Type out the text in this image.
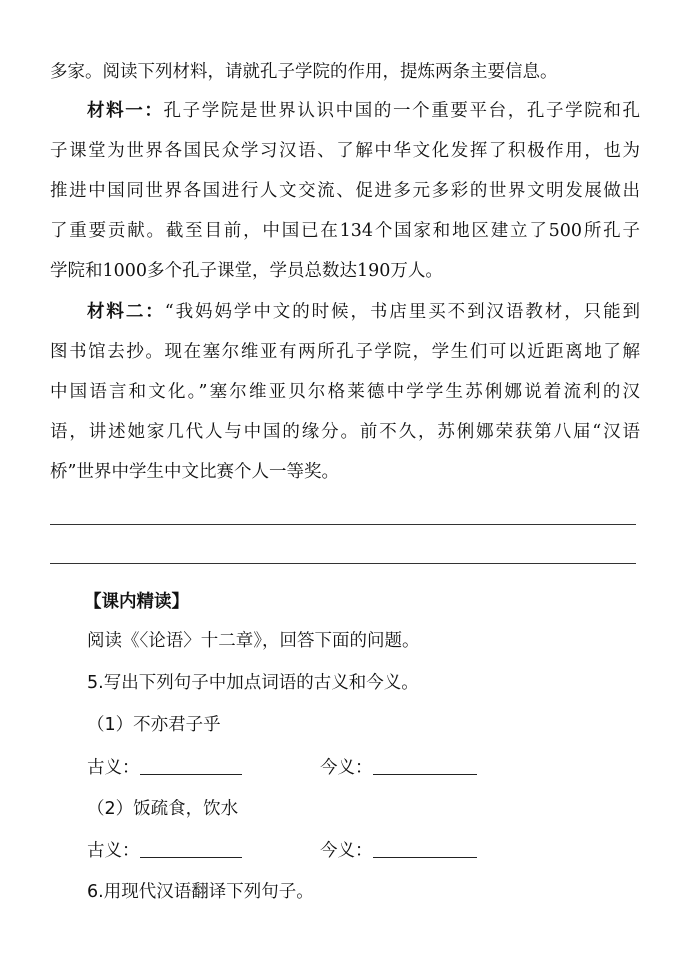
多家。阅读下列材料，请就孔子学院的作用，提炼两条主要信息。
材料一：孔子学院是世界认识中国的一个重要平台，孔子学院和孔
子课堂为世界各国民众学习汉语、了解中华文化发挥了积极作用，也为
推进中国同世界各国进行人文交流、促进多元多彩的世界文明发展做出
了重要贡献。截至目前，中国已在134个国家和地区建立了500所孔子
学院和1000多个孔子课堂，学员总数达190万人。
材料二：“我妈妈学中文的时候，书店里买不到汉语教材，只能到
图书馆去抄。现在塞尔维亚有两所孔子学院，学生们可以近距离地了解
中国语言和文化。”塞尔维亚贝尔格莱德中学学生苏俐娜说着流利的汉
语，讲述她家几代人与中国的缘分。前不久，苏俐娜荣获第八届“汉语
桥”世界中学生中文比赛个人一等奖。
【课内精读】
阅读《〈论语〉十二章》，回答下面的问题。
5.写出下列句子中加点词语的古义和今义。
（1）不亦君子乎
古义：	今义：
（2）饭疏食，饮水
古义：	今义：
6.用现代汉语翻译下列句子。
